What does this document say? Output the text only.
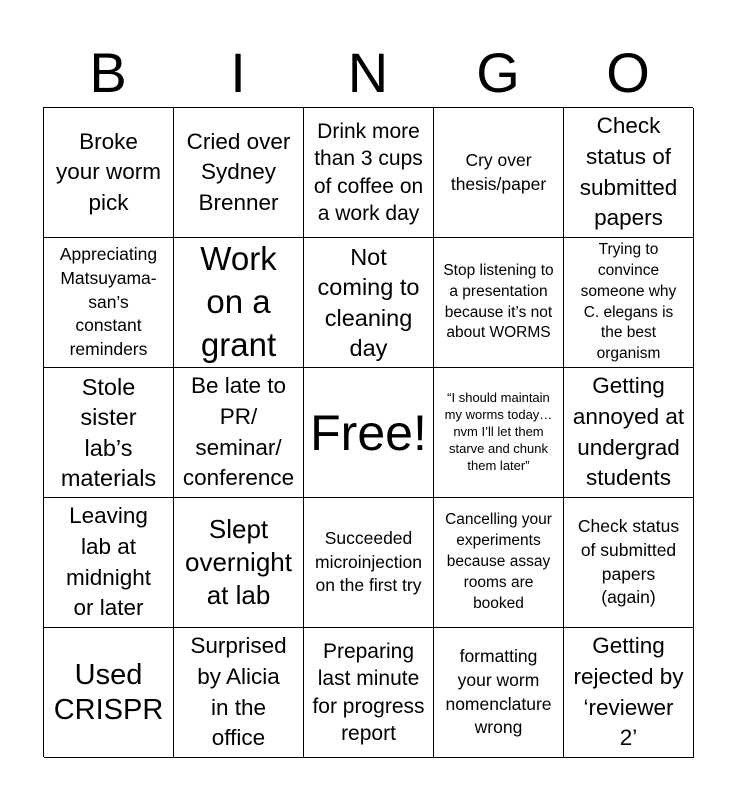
B	I	N	G	O
Broke
your worm
pick
Cried over
Sydney
Brenner
Drink more
than 3 cups
of coffee on
a work day
Cry over
thesis/paper
Check
status of
submitted
papers
Appreciating
Matsuyama-
san’s
constant
reminders
Work
on a
grant
Not
coming to
cleaning
day
Stop listening to
a presentation
because it’s not
about WORMS
Trying to
convince
someone why
C. elegans is
the best
organism
Stole
sister
lab’s
materials
Be late to
PR/
seminar/
conference
Free!
“I should maintain
my worms today…
nvm I’ll let them
starve and chunk
them later”
Getting
annoyed at
undergrad
students
Leaving
lab at
midnight
or later
Slept
overnight
at lab
Succeeded
microinjection
on the first try
Cancelling your
experiments
because assay
rooms are
booked
Check status
of submitted
papers
(again)
Used
CRISPR
Surprised
by Alicia
in the
office
Preparing
last minute
for progress
report
formatting
your worm
nomenclature
wrong
Getting
rejected by
‘reviewer
2’
